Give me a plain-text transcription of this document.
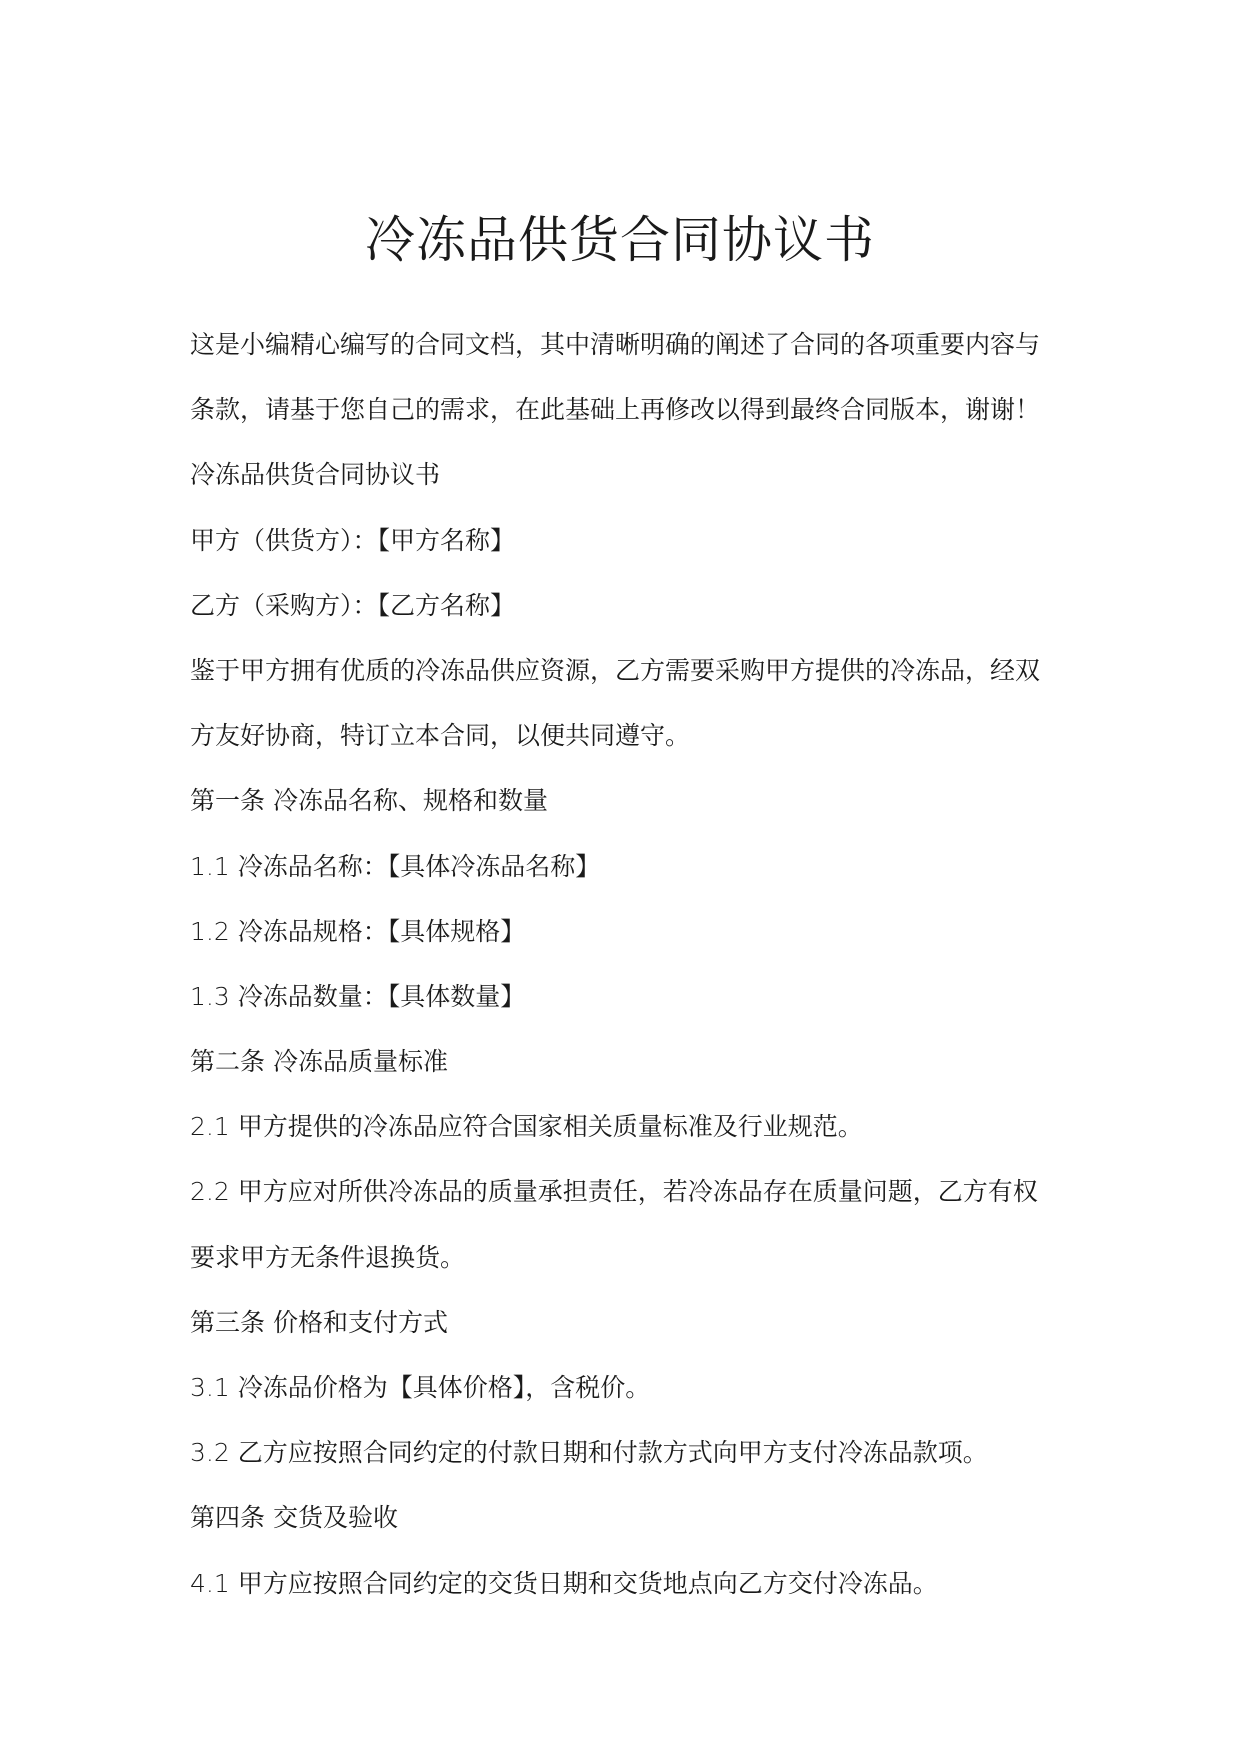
冷冻品供货合同协议书
这是小编精心编写的合同文档，其中清晰明确的阐述了合同的各项重要内容与
条款，请基于您自己的需求，在此基础上再修改以得到最终合同版本，谢谢！
冷冻品供货合同协议书
甲方（供货方）：【甲方名称】
乙方（采购方）：【乙方名称】
鉴于甲方拥有优质的冷冻品供应资源，乙方需要采购甲方提供的冷冻品，经双
方友好协商，特订立本合同，以便共同遵守。
第一条 冷冻品名称、规格和数量
1.1 冷冻品名称：【具体冷冻品名称】
1.2 冷冻品规格：【具体规格】
1.3 冷冻品数量：【具体数量】
第二条 冷冻品质量标准
2.1 甲方提供的冷冻品应符合国家相关质量标准及行业规范。
2.2 甲方应对所供冷冻品的质量承担责任，若冷冻品存在质量问题，乙方有权
要求甲方无条件退换货。
第三条 价格和支付方式
3.1 冷冻品价格为【具体价格】，含税价。
3.2 乙方应按照合同约定的付款日期和付款方式向甲方支付冷冻品款项。
第四条 交货及验收
4.1 甲方应按照合同约定的交货日期和交货地点向乙方交付冷冻品。
